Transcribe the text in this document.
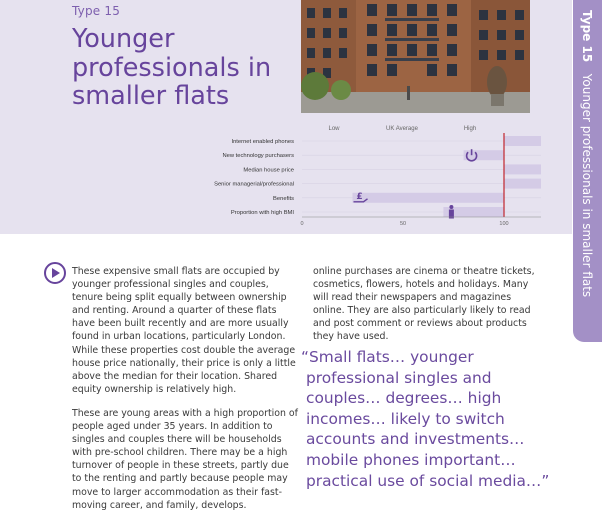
Type 15
Younger
professionals in
smaller flats
Type 15   Younger professionals in smaller flats
Low	UK Average	High
Internet enabled phones
New technology purchasers
Median house price
Senior managerial/professional
Benefits	£
Proportion with high BMI
0	50	100

These expensive small flats are occupied by younger professional singles and couples, tenure being split equally between ownership and renting. Around a quarter of these flats have been built recently and are more usually found in urban locations, particularly London. While these properties cost double the average house price nationally, their price is only a little above the median for their location. Shared equity ownership is relatively high.

These are young areas with a high proportion of people aged under 35 years. In addition to singles and couples there will be households with pre-school children. There may be a high turnover of people in these streets, partly due to the renting and partly because people may move to larger accommodation as their fast-moving career, and family, develops.

online purchases are cinema or theatre tickets, cosmetics, flowers, hotels and holidays. Many will read their newspapers and magazines online. They are also particularly likely to read and post comment or reviews about products they have used.
“Small flats… younger
professional singles and
couples… degrees… high
incomes… likely to switch
accounts and investments…
mobile phones important…
practical use of social media…”
